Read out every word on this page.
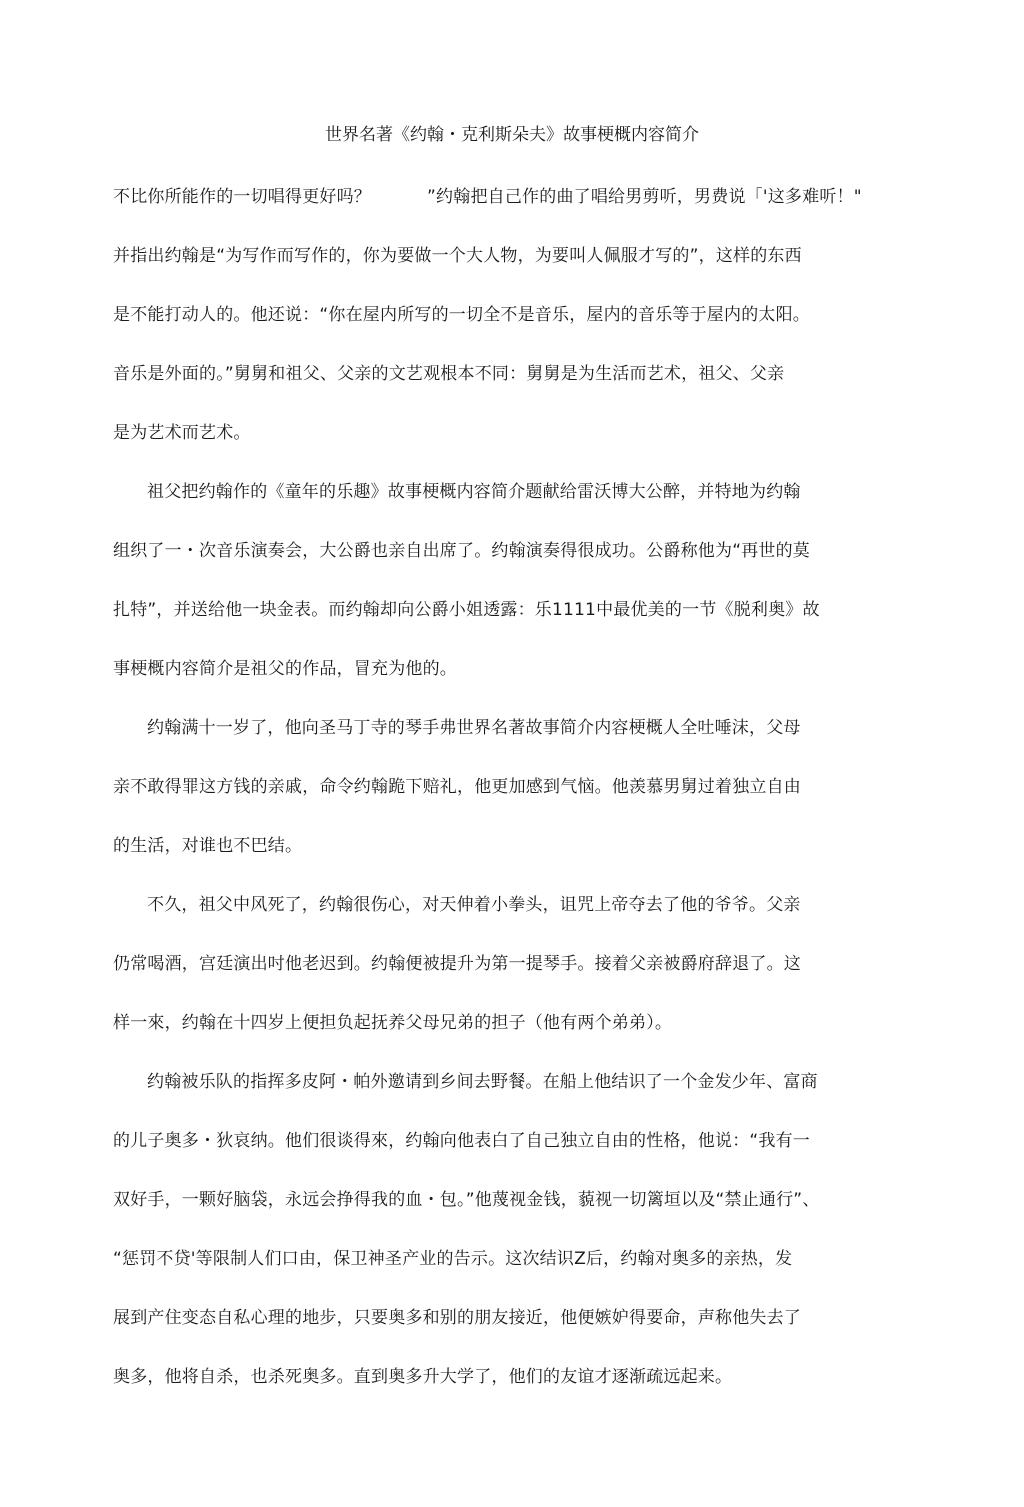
世界名著《约翰・克利斯朵夫》故事梗概内容简介
不比你所能作的一切唱得更好吗？          ”约翰把自己作的曲了唱给男剪听，男费说「'这多难听！"
并指出约翰是“为写作而写作的，你为要做一个大人物，为要叫人佩服才写的”，这样的东西
是不能打动人的。他还说：“你在屋内所写的一切全不是音乐，屋内的音乐等于屋内的太阳。
音乐是外面的。”舅舅和祖父、父亲的文艺观根本不同：舅舅是为生活而艺术，祖父、父亲
是为艺术而艺术。
祖父把约翰作的《童年的乐趣》故事梗概内容简介题献给雷沃博大公醉，并特地为约翰
组织了一・次音乐演奏会，大公爵也亲自出席了。约翰演奏得很成功。公爵称他为“再世的莫
扎特”，并送给他一块金表。而约翰却向公爵小姐透露：乐1111中最优美的一节《脱利奥》故
事梗概内容简介是祖父的作品，冒充为他的。
约翰满十一岁了，他向圣马丁寺的琴手弗世界名著故事简介内容梗概人全吐唾沫，父母
亲不敢得罪这方钱的亲戚，命令约翰跪下赔礼，他更加感到气恼。他羡慕男舅过着独立自由
的生活，对谁也不巴结。
不久，祖父中风死了，约翰很伤心，对天伸着小拳头，诅咒上帝夺去了他的爷爷。父亲
仍常喝酒，宫廷演出吋他老迟到。约翰便被提升为第一提琴手。接着父亲被爵府辞退了。这
样一來，约翰在十四岁上便担负起抚养父母兄弟的担子（他有两个弟弟）。
约翰被乐队的指挥多皮阿・帕外邀请到乡间去野餐。在船上他结识了一个金发少年、富商
的儿子奥多・狄哀纳。他们很谈得來，约翰向他表白了自己独立自由的性格，他说：“我有一
双好手，一颗好脑袋，永远会挣得我的血・包。”他蔑视金钱，藐视一切篱垣以及“禁止通行”、
“惩罚不贷'等限制人们口由，保卫神圣产业的告示。这次结识Z后，约翰对奥多的亲热，发
展到产住变态自私心理的地步，只要奥多和别的朋友接近，他便嫉妒得要命，声称他失去了
奥多，他将自杀，也杀死奥多。直到奥多升大学了，他们的友谊才逐渐疏远起来。
